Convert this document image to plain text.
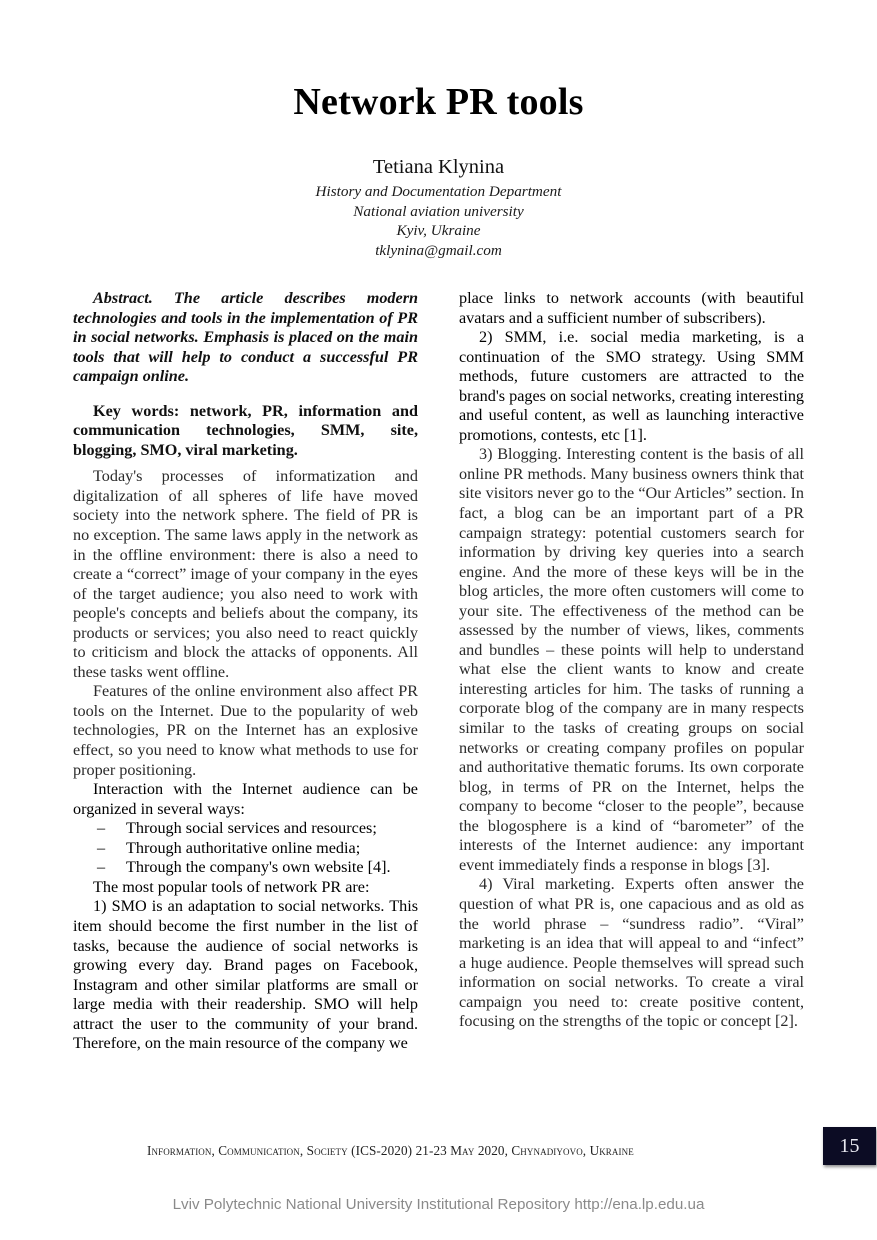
Network PR tools
Tetiana Klynina
History and Documentation Department
National aviation university
Kyiv, Ukraine
tklynina@gmail.com

Abstract. The article describes modern technologies and tools in the implementation of PR in social networks. Emphasis is placed on the main tools that will help to conduct a successful PR campaign online.

Key words: network, PR, information and communication technologies, SMM, site, blogging, SMO, viral marketing.

Today's processes of informatization and digitalization of all spheres of life have moved society into the network sphere. The field of PR is no exception. The same laws apply in the network as in the offline environment: there is also a need to create a “correct” image of your company in the eyes of the target audience; you also need to work with people's concepts and beliefs about the company, its products or services; you also need to react quickly to criticism and block the attacks of opponents. All these tasks went offline.

Features of the online environment also affect PR tools on the Internet. Due to the popularity of web technologies, PR on the Internet has an explosive effect, so you need to know what methods to use for proper positioning.

Interaction with the Internet audience can be organized in several ways:

– Through social services and resources;
– Through authoritative online media;
– Through the company's own website [4].

The most popular tools of network PR are:

1) SMO is an adaptation to social networks. This item should become the first number in the list of tasks, because the audience of social networks is growing every day. Brand pages on Facebook, Instagram and other similar platforms are small or large media with their readership. SMO will help attract the user to the community of your brand. Therefore, on the main resource of the company we

place links to network accounts (with beautiful avatars and a sufficient number of subscribers).

2) SMM, i.e. social media marketing, is a continuation of the SMO strategy. Using SMM methods, future customers are attracted to the brand's pages on social networks, creating interesting and useful content, as well as launching interactive promotions, contests, etc [1].

3) Blogging. Interesting content is the basis of all online PR methods. Many business owners think that site visitors never go to the “Our Articles” section. In fact, a blog can be an important part of a PR campaign strategy: potential customers search for information by driving key queries into a search engine. And the more of these keys will be in the blog articles, the more often customers will come to your site. The effectiveness of the method can be assessed by the number of views, likes, comments and bundles – these points will help to understand what else the client wants to know and create interesting articles for him. The tasks of running a corporate blog of the company are in many respects similar to the tasks of creating groups on social networks or creating company profiles on popular and authoritative thematic forums. Its own corporate blog, in terms of PR on the Internet, helps the company to become “closer to the people”, because the blogosphere is a kind of “barometer” of the interests of the Internet audience: any important event immediately finds a response in blogs [3].

4) Viral marketing. Experts often answer the question of what PR is, one capacious and as old as the world phrase – “sundress radio”. “Viral” marketing is an idea that will appeal to and “infect” a huge audience. People themselves will spread such information on social networks. To create a viral campaign you need to: create positive content, focusing on the strengths of the topic or concept [2].

Information, Communication, Society (ICS-2020) 21-23 May 2020, Chynadiyovo, Ukraine	15
Lviv Polytechnic National University Institutional Repository http://ena.lp.edu.ua
